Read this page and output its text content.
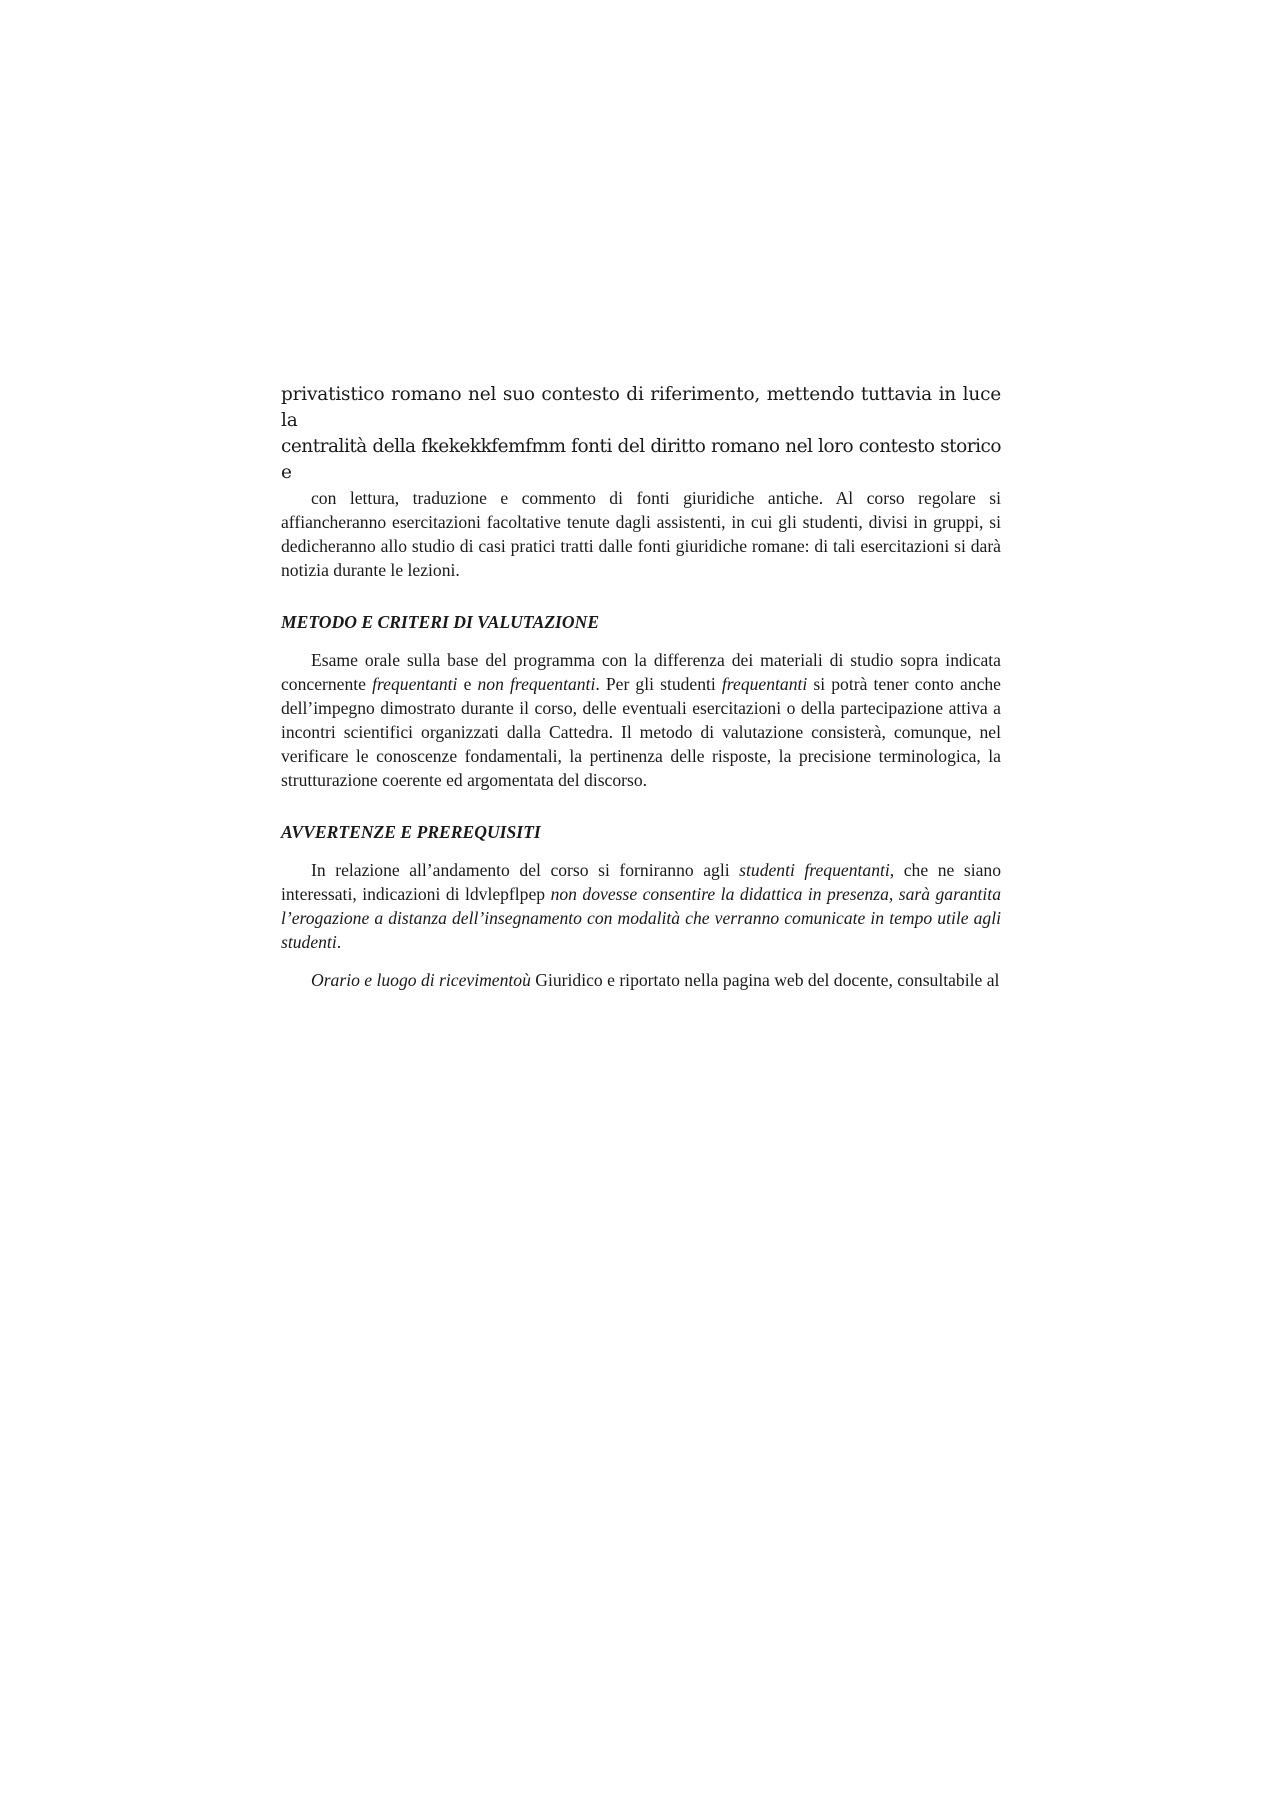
privatistico romano nel suo contesto di riferimento, mettendo tuttavia in luce la

centralità della fkekekkfemfmm fonti del diritto romano nel loro contesto storico e

con lettura, traduzione e commento di fonti giuridiche antiche. Al corso regolare si affiancheranno esercitazioni facoltative tenute dagli assistenti, in cui gli studenti, divisi in gruppi, si dedicheranno allo studio di casi pratici tratti dalle fonti giuridiche romane: di tali esercitazioni si darà notizia durante le lezioni.

METODO E CRITERI DI VALUTAZIONE

Esame orale sulla base del programma con la differenza dei materiali di studio sopra indicata concernente frequentanti e non frequentanti. Per gli studenti frequentanti si potrà tener conto anche dell’impegno dimostrato durante il corso, delle eventuali esercitazioni o della partecipazione attiva a incontri scientifici organizzati dalla Cattedra. Il metodo di valutazione consisterà, comunque, nel verificare le conoscenze fondamentali, la pertinenza delle risposte, la precisione terminologica, la strutturazione coerente ed argomentata del discorso.

AVVERTENZE E PREREQUISITI

In relazione all’andamento del corso si forniranno agli studenti frequentanti, che ne siano interessati, indicazioni di ldvlepflpep non dovesse consentire la didattica in presenza, sarà garantita l’erogazione a distanza dell’insegnamento con modalità che verranno comunicate in tempo utile agli studenti.

Orario e luogo di ricevimentoù Giuridico e riportato nella pagina web del docente, consultabile al
